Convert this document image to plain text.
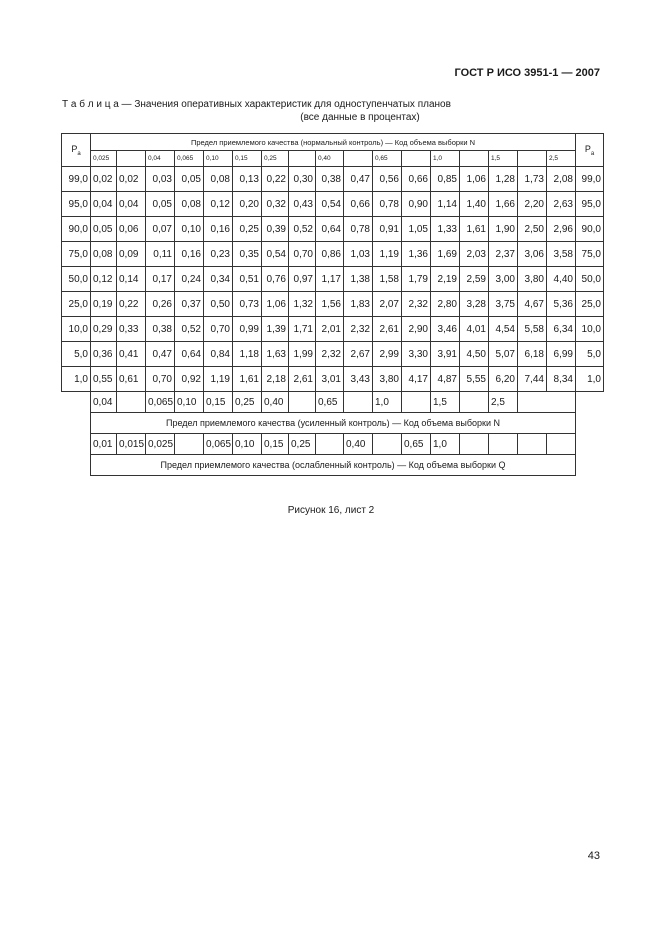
ГОСТ Р ИСО 3951-1 — 2007
Т а б л и ц а — Значения оперативных характеристик для одноступенчатых планов
(все данные в процентах)
$P_a$	Предел приемлемого качества (нормальный контроль) — Код объема выборки N																	$P_a$
	0,025		0,04	0,065	0,10	0,15	0,25		0,40		0,65		1,0		1,5		2,5	
99,0	0,02	0,02	0,03	0,05	0,08	0,13	0,22	0,30	0,38	0,47	0,56	0,66	0,85	1,06	1,28	1,73	2,08	99,0
95,0	0,04	0,04	0,05	0,08	0,12	0,20	0,32	0,43	0,54	0,66	0,78	0,90	1,14	1,40	1,66	2,20	2,63	95,0
90,0	0,05	0,06	0,07	0,10	0,16	0,25	0,39	0,52	0,64	0,78	0,91	1,05	1,33	1,61	1,90	2,50	2,96	90,0
75,0	0,08	0,09	0,11	0,16	0,23	0,35	0,54	0,70	0,86	1,03	1,19	1,36	1,69	2,03	2,37	3,06	3,58	75,0
50,0	0,12	0,14	0,17	0,24	0,34	0,51	0,76	0,97	1,17	1,38	1,58	1,79	2,19	2,59	3,00	3,80	4,40	50,0
25,0	0,19	0,22	0,26	0,37	0,50	0,73	1,06	1,32	1,56	1,83	2,07	2,32	2,80	3,28	3,75	4,67	5,36	25,0
10,0	0,29	0,33	0,38	0,52	0,70	0,99	1,39	1,71	2,01	2,32	2,61	2,90	3,46	4,01	4,54	5,58	6,34	10,0
5,0	0,36	0,41	0,47	0,64	0,84	1,18	1,63	1,99	2,32	2,67	2,99	3,30	3,91	4,50	5,07	6,18	6,99	5,0
1,0	0,55	0,61	0,70	0,92	1,19	1,61	2,18	2,61	3,01	3,43	3,80	4,17	4,87	5,55	6,20	7,44	8,34	1,0
	0,04		0,065	0,10	0,15	0,25	0,40		0,65		1,0		1,5		2,5			
	Предел приемлемого качества (усиленный контроль) — Код объема выборки N																	
	0,01	0,015	0,025		0,065	0,10	0,15	0,25		0,40		0,65	1,0					
	Предел приемлемого качества (ослабленный контроль) — Код объема выборки Q																	
Рисунок 16, лист 2
43
